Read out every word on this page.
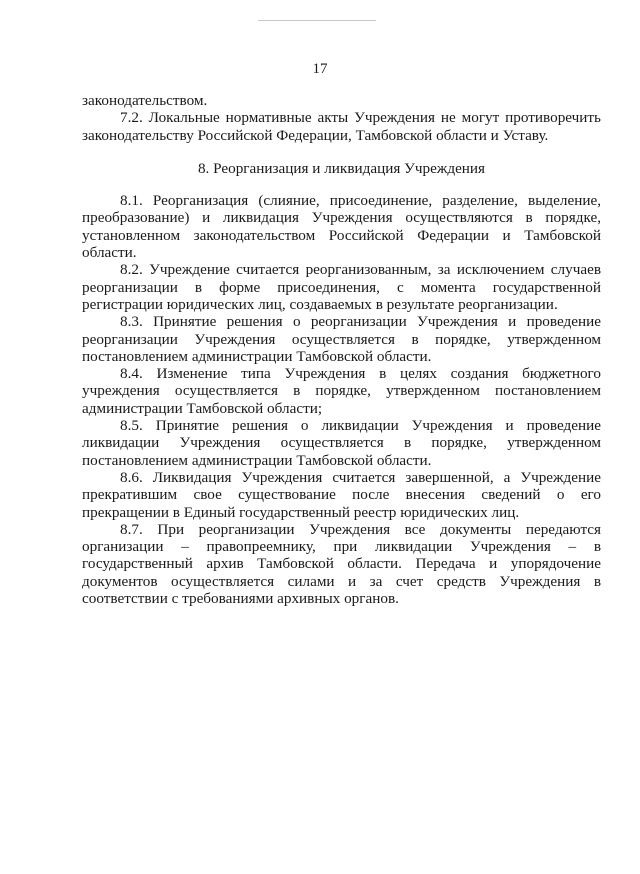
17

законодательством.

7.2. Локальные нормативные акты Учреждения не могут противоречить законодательству Российской Федерации, Тамбовской области и Уставу.

8. Реорганизация и ликвидация Учреждения

8.1. Реорганизация (слияние, присоединение, разделение, выделение, преобразование) и ликвидация Учреждения осуществляются в порядке, установленном законодательством Российской Федерации и Тамбовской области.

8.2. Учреждение считается реорганизованным, за исключением случаев реорганизации в форме присоединения, с момента государственной регистрации юридических лиц, создаваемых в результате реорганизации.

8.3. Принятие решения о реорганизации Учреждения и проведение реорганизации Учреждения осуществляется в порядке, утвержденном постановлением администрации Тамбовской области.

8.4. Изменение типа Учреждения в целях создания бюджетного учреждения осуществляется в порядке, утвержденном постановлением администрации Тамбовской области;

8.5. Принятие решения о ликвидации Учреждения и проведение ликвидации Учреждения осуществляется в порядке, утвержденном постановлением администрации Тамбовской области.

8.6. Ликвидация Учреждения считается завершенной, а Учреждение прекратившим свое существование после внесения сведений о его прекращении в Единый государственный реестр юридических лиц.

8.7. При реорганизации Учреждения все документы передаются организации – правопреемнику, при ликвидации Учреждения – в государственный архив Тамбовской области. Передача и упорядочение документов осуществляется силами и за счет средств Учреждения в соответствии с требованиями архивных органов.
